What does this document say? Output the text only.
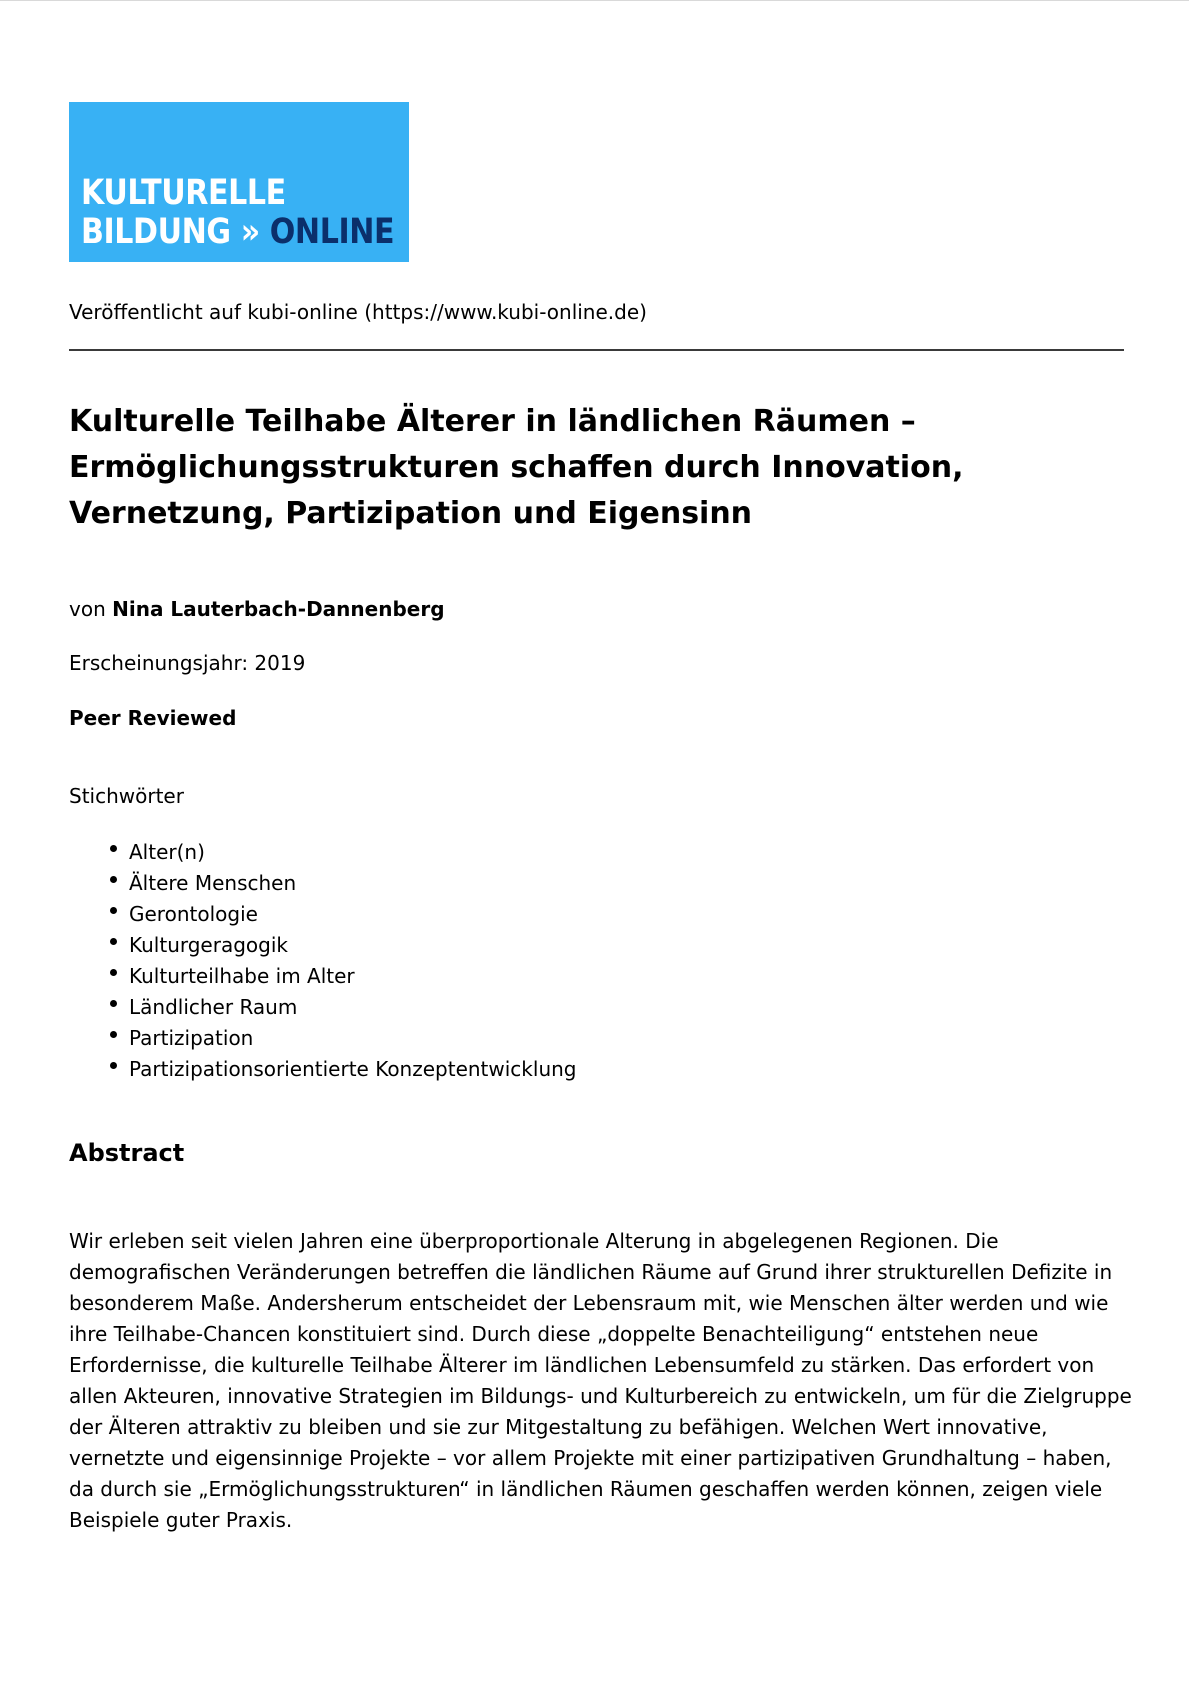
KULTURELLE
BILDUNG » ONLINE
Veröffentlicht auf kubi-online (https://www.kubi-online.de)
Kulturelle Teilhabe Älterer in ländlichen Räumen – Ermöglichungsstrukturen schaffen durch Innovation, Vernetzung, Partizipation und Eigensinn
von Nina Lauterbach-Dannenberg
Erscheinungsjahr: 2019
Peer Reviewed
Stichwörter
Alter(n)
Ältere Menschen
Gerontologie
Kulturgeragogik
Kulturteilhabe im Alter
Ländlicher Raum
Partizipation
Partizipationsorientierte Konzeptentwicklung
Abstract

Wir erleben seit vielen Jahren eine überproportionale Alterung in abgelegenen Regionen. Die demografischen Veränderungen betreffen die ländlichen Räume auf Grund ihrer strukturellen Defizite in besonderem Maße. Andersherum entscheidet der Lebensraum mit, wie Menschen älter werden und wie ihre Teilhabe-Chancen konstituiert sind. Durch diese „doppelte Benachteiligung“ entstehen neue Erfordernisse, die kulturelle Teilhabe Älterer im ländlichen Lebensumfeld zu stärken. Das erfordert von allen Akteuren, innovative Strategien im Bildungs- und Kulturbereich zu entwickeln, um für die Zielgruppe der Älteren attraktiv zu bleiben und sie zur Mitgestaltung zu befähigen. Welchen Wert innovative, vernetzte und eigensinnige Projekte – vor allem Projekte mit einer partizipativen Grundhaltung – haben, da durch sie „Ermöglichungsstrukturen“ in ländlichen Räumen geschaffen werden können, zeigen viele Beispiele guter Praxis.
